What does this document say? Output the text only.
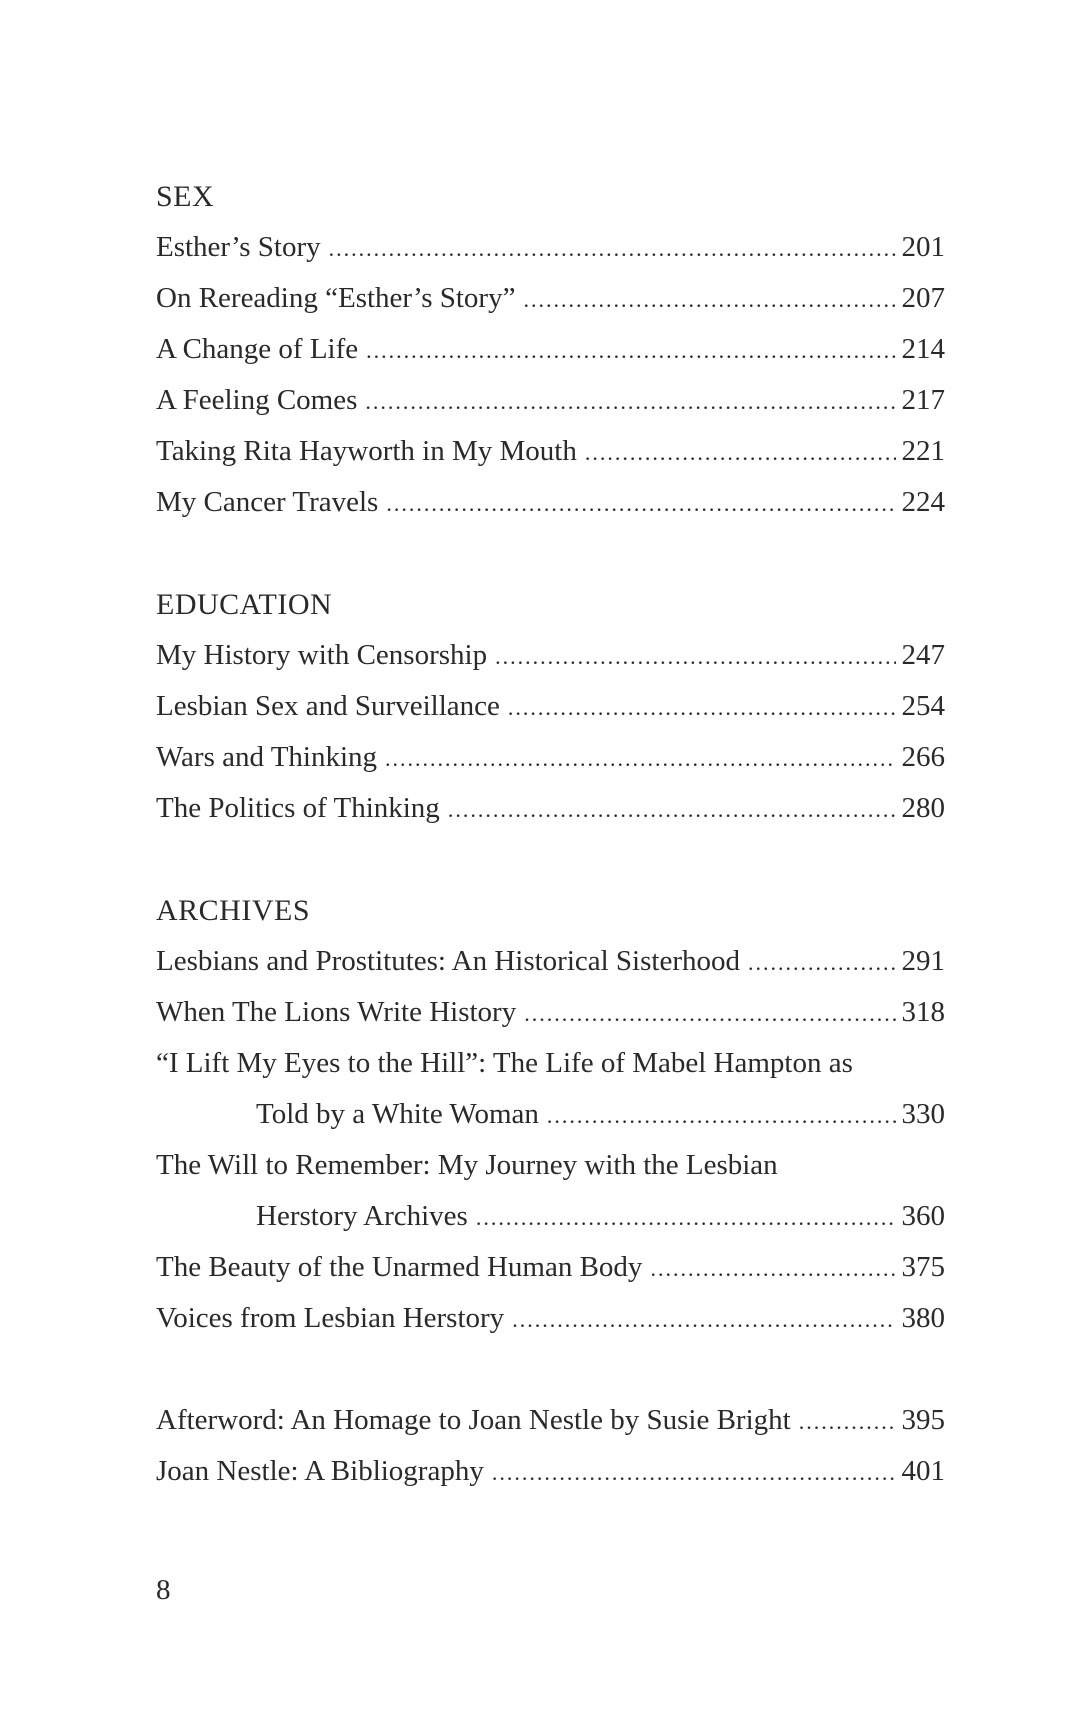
SEX
Esther’s Story .....	201
On Rereading “Esther’s Story” .....	207
A Change of Life .....	214
A Feeling Comes .....	217
Taking Rita Hayworth in My Mouth .....	221
My Cancer Travels .....	224
EDUCATION
My History with Censorship .....	247
Lesbian Sex and Surveillance .....	254
Wars and Thinking .....	266
The Politics of Thinking .....	280
ARCHIVES
Lesbians and Prostitutes: An Historical Sisterhood .....	291
When The Lions Write History .....	318
“I Lift My Eyes to the Hill”: The Life of Mabel Hampton as
Told by a White Woman .....	330
The Will to Remember: My Journey with the Lesbian
Herstory Archives .....	360
The Beauty of the Unarmed Human Body .....	375
Voices from Lesbian Herstory .....	380
Afterword: An Homage to Joan Nestle by Susie Bright .....	395
Joan Nestle: A Bibliography .....	401
8
